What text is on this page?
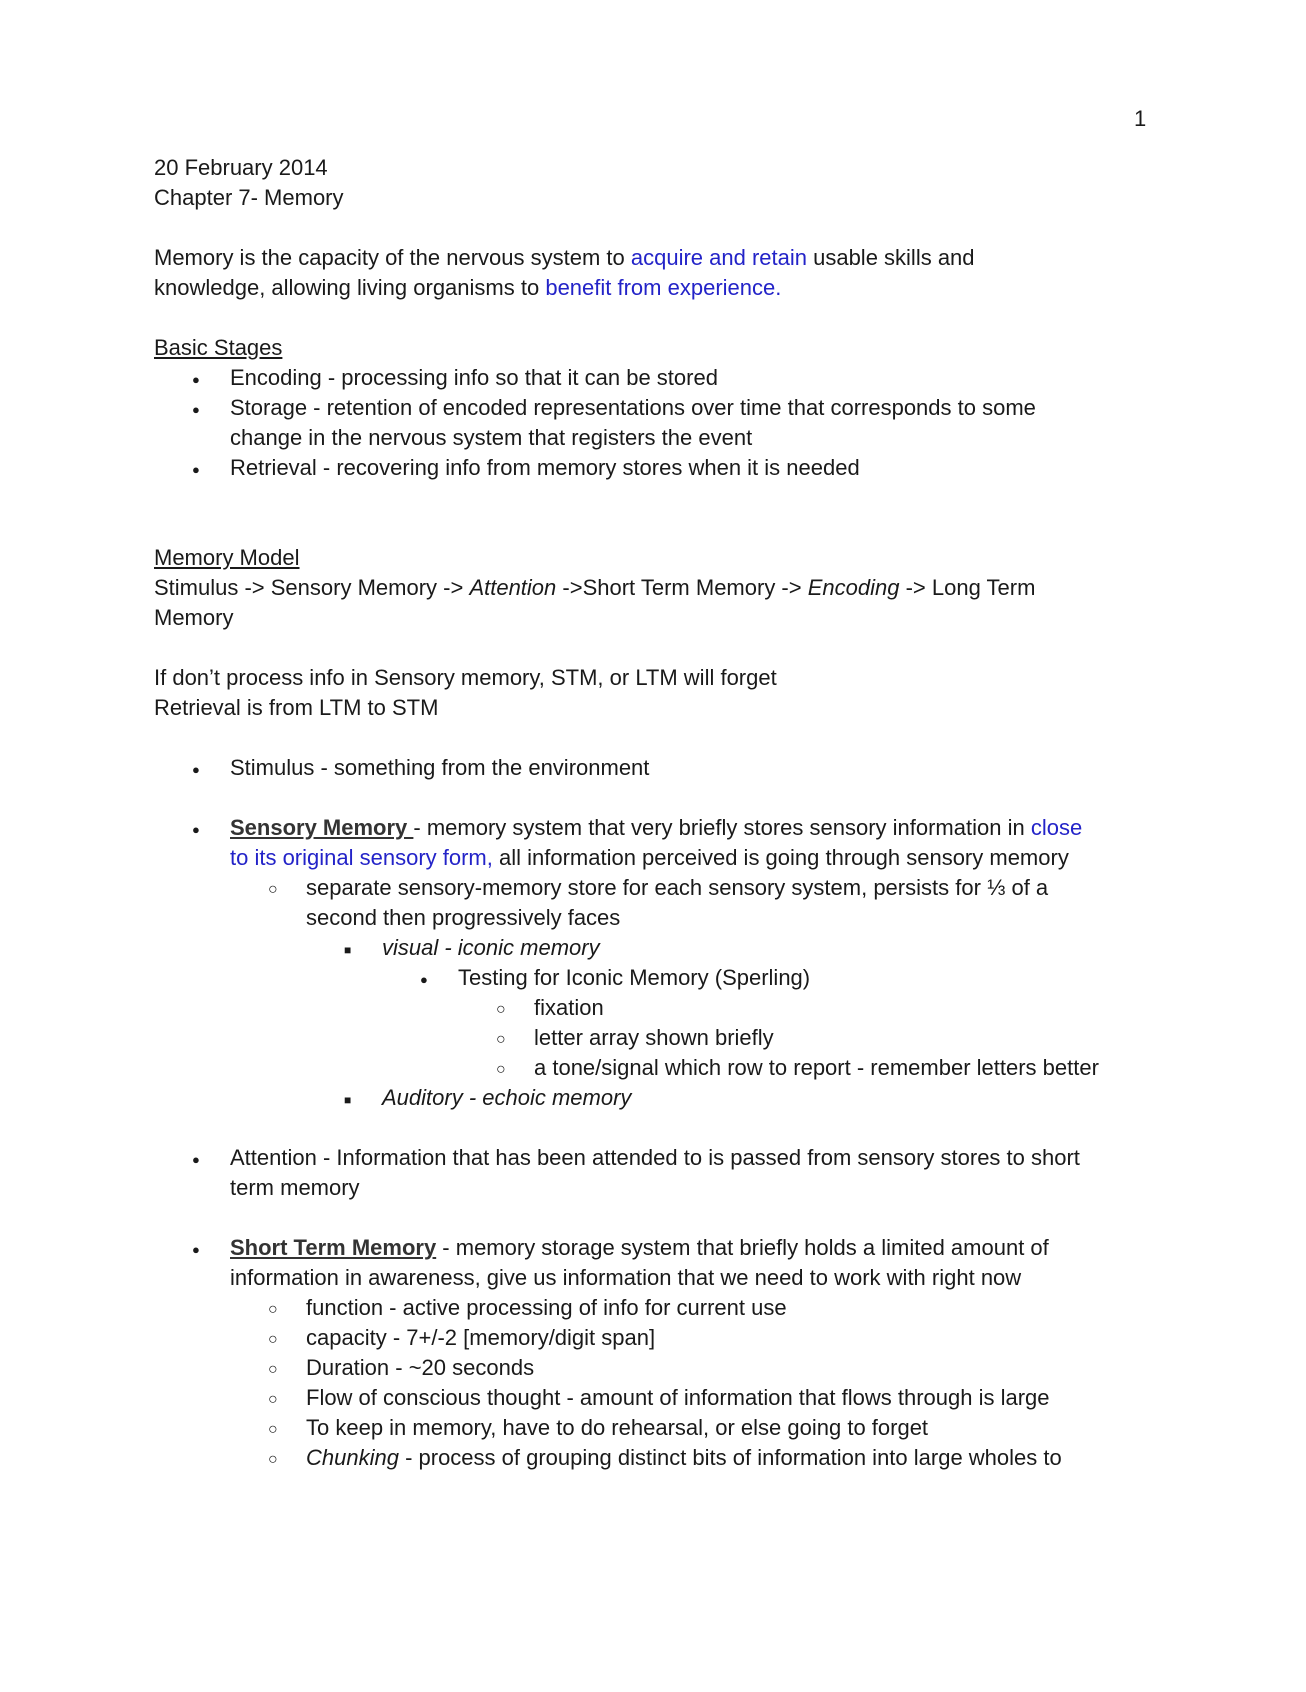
1

20 February 2014

Chapter 7- Memory

Memory is the capacity of the nervous system to acquire and retain usable skills and

knowledge, allowing living organisms to benefit from experience.

Basic Stages

●
Encoding - processing info so that it can be stored
●
Storage - retention of encoded representations over time that corresponds to some
change in the nervous system that registers the event
●
Retrieval - recovering info from memory stores when it is needed

Memory Model

Stimulus -> Sensory Memory -> Attention ->Short Term Memory -> Encoding -> Long Term

Memory

If don’t process info in Sensory memory, STM, or LTM will forget

Retrieval is from LTM to STM

●
Stimulus - something from the environment
●
Sensory Memory - memory system that very briefly stores sensory information in close
to its original sensory form, all information perceived is going through sensory memory
○
separate sensory-memory store for each sensory system, persists for ⅓ of a
second then progressively faces
■
visual - iconic memory
●
Testing for Iconic Memory (Sperling)
○
fixation
○
letter array shown briefly
○
a tone/signal which row to report - remember letters better
■
Auditory - echoic memory
●
Attention - Information that has been attended to is passed from sensory stores to short
term memory
●
Short Term Memory - memory storage system that briefly holds a limited amount of
information in awareness, give us information that we need to work with right now
○
function - active processing of info for current use
○
capacity - 7+/-2 [memory/digit span]
○
Duration - ~20 seconds
○
Flow of conscious thought - amount of information that flows through is large
○
To keep in memory, have to do rehearsal, or else going to forget
○
Chunking - process of grouping distinct bits of information into large wholes to
